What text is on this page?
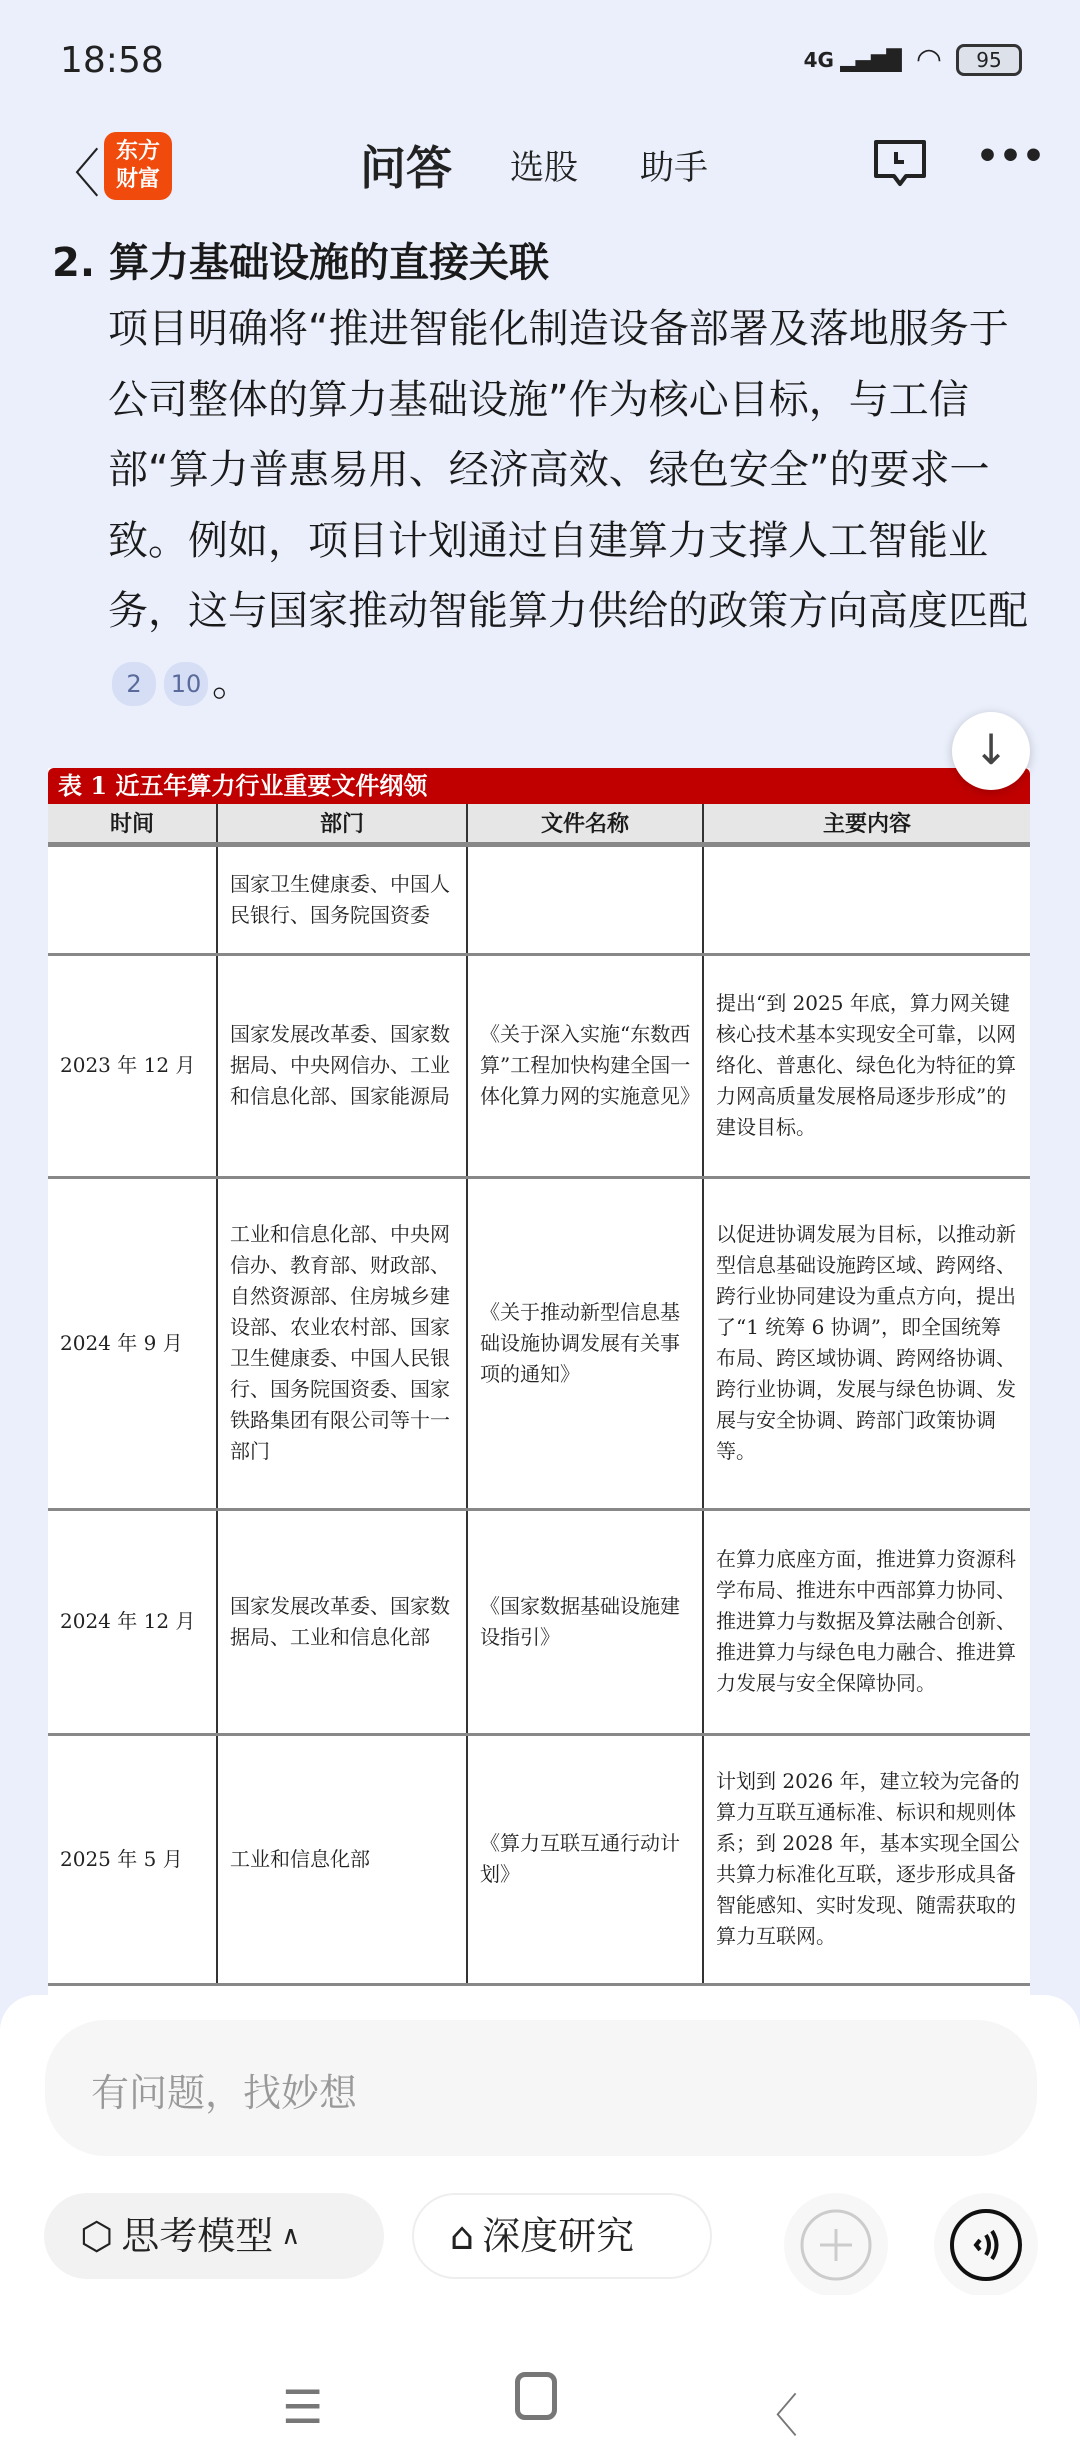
18:58	4G ▂▄▆█ ◠	95
〈 东方财富	问答 选股 助手	•••
2. 算力基础设施的直接关联
项目明确将“推进智能化制造设备部署及落地服务于公司整体的算力基础设施”作为核心目标，与工信部“算力普惠易用、经济高效、绿色安全”的要求一致。例如，项目计划通过自建算力支撑人工智能业务，这与国家推动智能算力供给的政策方向高度匹配2 10 。
表 1 近五年算力行业重要文件纲领
时间	部门	文件名称	主要内容
	国家卫生健康委、中国人民银行、国务院国资委		
2023 年 12 月	国家发展改革委、国家数据局、中央网信办、工业和信息化部、国家能源局	《关于深入实施“东数西算”工程加快构建全国一体化算力网的实施意见》	提出“到 2025 年底，算力网关键核心技术基本实现安全可靠，以网络化、普惠化、绿色化为特征的算力网高质量发展格局逐步形成”的建设目标。
2024 年 9 月	工业和信息化部、中央网信办、教育部、财政部、自然资源部、住房城乡建设部、农业农村部、国家卫生健康委、中国人民银行、国务院国资委、国家铁路集团有限公司等十一部门	《关于推动新型信息基础设施协调发展有关事项的通知》	以促进协调发展为目标，以推动新型信息基础设施跨区域、跨网络、跨行业协同建设为重点方向，提出了“1 统筹 6 协调”，即全国统筹布局、跨区域协调、跨网络协调、跨行业协调，发展与绿色协调、发展与安全协调、跨部门政策协调等。
2024 年 12 月	国家发展改革委、国家数据局、工业和信息化部	《国家数据基础设施建设指引》	在算力底座方面，推进算力资源科学布局、推进东中西部算力协同、推进算力与数据及算法融合创新、推进算力与绿色电力融合、推进算力发展与安全保障协同。
2025 年 5 月	工业和信息化部	《算力互联互通行动计划》	计划到 2026 年，建立较为完备的算力互联互通标准、标识和规则体系；到 2028 年，基本实现全国公共算力标准化互联，逐步形成具备智能感知、实时发现、随需获取的算力互联网。
↓
有问题，找妙想
⬡ 思考模型 ∧	⌂ 深度研究
☰	〈
